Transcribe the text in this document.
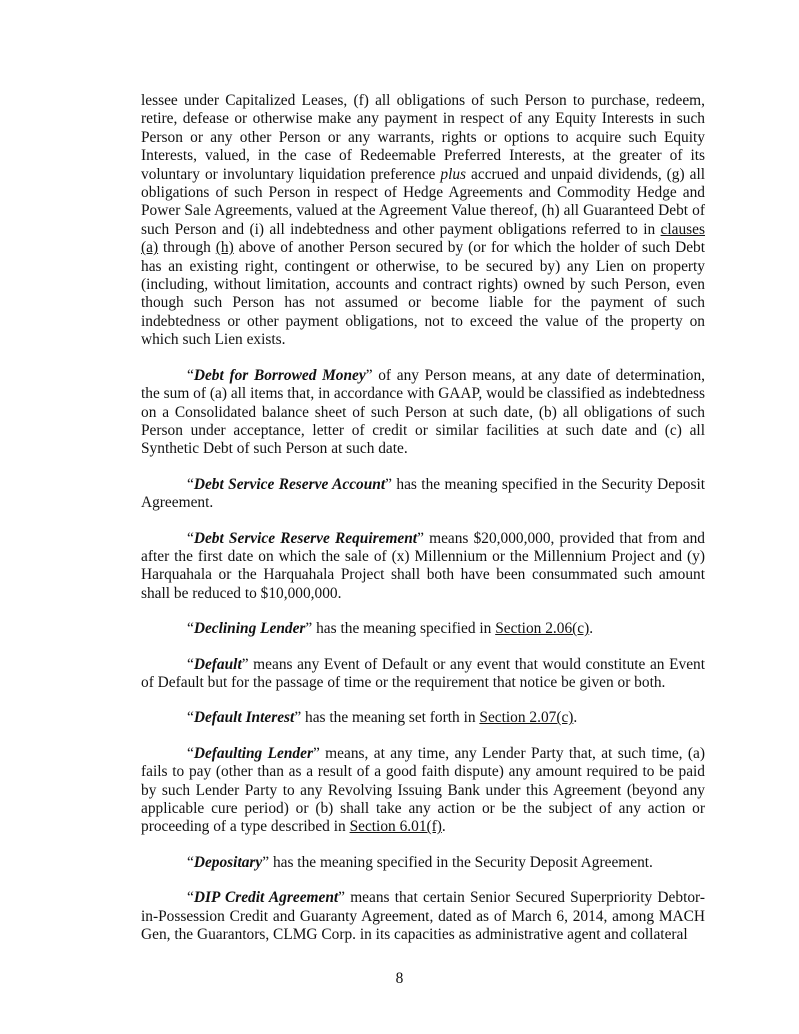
lessee under Capitalized Leases, (f) all obligations of such Person to purchase, redeem, retire, defease or otherwise make any payment in respect of any Equity Interests in such Person or any other Person or any warrants, rights or options to acquire such Equity Interests, valued, in the case of Redeemable Preferred Interests, at the greater of its voluntary or involuntary liquidation preference plus accrued and unpaid dividends, (g) all obligations of such Person in respect of Hedge Agreements and Commodity Hedge and Power Sale Agreements, valued at the Agreement Value thereof, (h) all Guaranteed Debt of such Person and (i) all indebtedness and other payment obligations referred to in clauses (a) through (h) above of another Person secured by (or for which the holder of such Debt has an existing right, contingent or otherwise, to be secured by) any Lien on property (including, without limitation, accounts and contract rights) owned by such Person, even though such Person has not assumed or become liable for the payment of such indebtedness or other payment obligations, not to exceed the value of the property on which such Lien exists.

“Debt for Borrowed Money” of any Person means, at any date of determination, the sum of (a) all items that, in accordance with GAAP, would be classified as indebtedness on a Consolidated balance sheet of such Person at such date, (b) all obligations of such Person under acceptance, letter of credit or similar facilities at such date and (c) all Synthetic Debt of such Person at such date.

“Debt Service Reserve Account” has the meaning specified in the Security Deposit Agreement.

“Debt Service Reserve Requirement” means $20,000,000, provided that from and after the first date on which the sale of (x) Millennium or the Millennium Project and (y) Harquahala or the Harquahala Project shall both have been consummated such amount shall be reduced to $10,000,000.

“Declining Lender” has the meaning specified in Section 2.06(c).

“Default” means any Event of Default or any event that would constitute an Event of Default but for the passage of time or the requirement that notice be given or both.

“Default Interest” has the meaning set forth in Section 2.07(c).

“Defaulting Lender” means, at any time, any Lender Party that, at such time, (a) fails to pay (other than as a result of a good faith dispute) any amount required to be paid by such Lender Party to any Revolving Issuing Bank under this Agreement (beyond any applicable cure period) or (b) shall take any action or be the subject of any action or proceeding of a type described in Section 6.01(f).

“Depositary” has the meaning specified in the Security Deposit Agreement.

“DIP Credit Agreement” means that certain Senior Secured Superpriority Debtor-in-Possession Credit and Guaranty Agreement, dated as of March 6, 2014, among MACH Gen, the Guarantors, CLMG Corp. in its capacities as administrative agent and collateral

8
